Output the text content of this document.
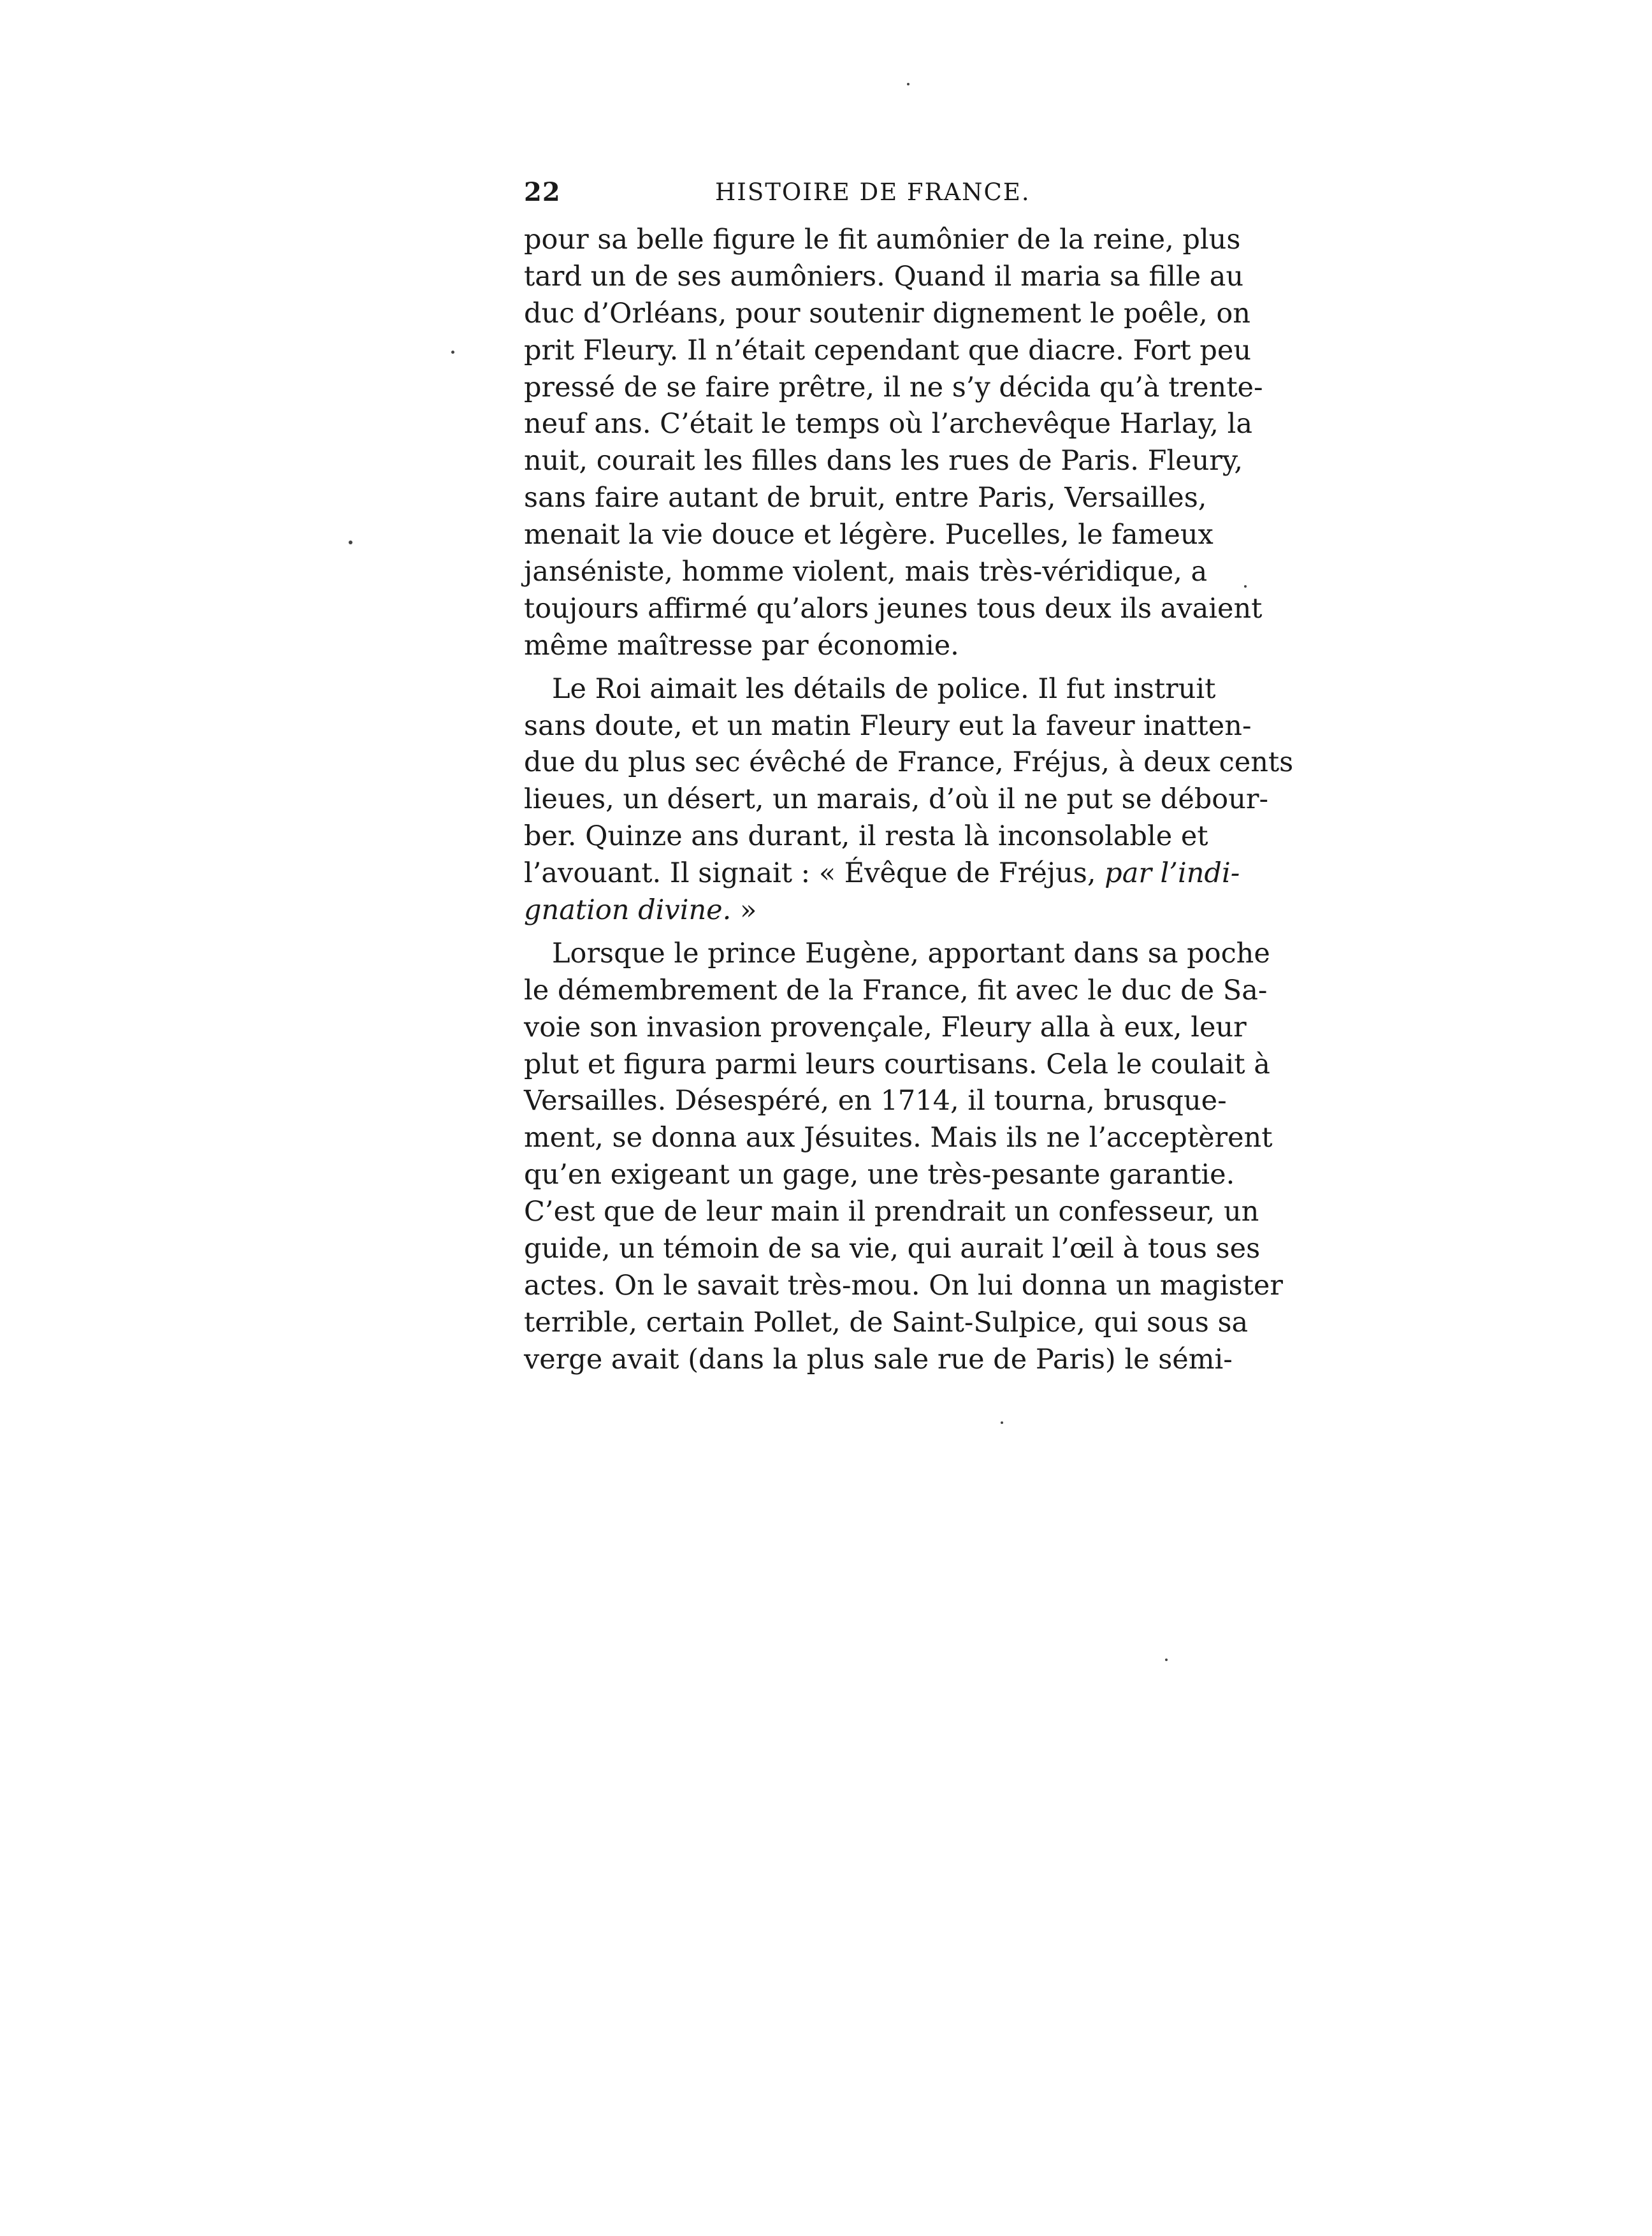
22	HISTOIRE DE FRANCE.
pour sa belle figure le fit aumônier de la reine, plus
tard un de ses aumôniers. Quand il maria sa fille au
duc d’Orléans, pour soutenir dignement le poêle, on
prit Fleury. Il n’était cependant que diacre. Fort peu
pressé de se faire prêtre, il ne s’y décida qu’à trente-
neuf ans. C’était le temps où l’archevêque Harlay, la
nuit, courait les filles dans les rues de Paris. Fleury,
sans faire autant de bruit, entre Paris, Versailles,
menait la vie douce et légère. Pucelles, le fameux
janséniste, homme violent, mais très-véridique, a
toujours affirmé qu’alors jeunes tous deux ils avaient
même maîtresse par économie.
Le Roi aimait les détails de police. Il fut instruit
sans doute, et un matin Fleury eut la faveur inatten-
due du plus sec évêché de France, Fréjus, à deux cents
lieues, un désert, un marais, d’où il ne put se débour-
ber. Quinze ans durant, il resta là inconsolable et
l’avouant. Il signait : « Évêque de Fréjus, par l’indi-
gnation divine. »
Lorsque le prince Eugène, apportant dans sa poche
le démembrement de la France, fit avec le duc de Sa-
voie son invasion provençale, Fleury alla à eux, leur
plut et figura parmi leurs courtisans. Cela le coulait à
Versailles. Désespéré, en 1714, il tourna, brusque-
ment, se donna aux Jésuites. Mais ils ne l’acceptèrent
qu’en exigeant un gage, une très-pesante garantie.
C’est que de leur main il prendrait un confesseur, un
guide, un témoin de sa vie, qui aurait l’œil à tous ses
actes. On le savait très-mou. On lui donna un magister
terrible, certain Pollet, de Saint-Sulpice, qui sous sa
verge avait (dans la plus sale rue de Paris) le sémi-
